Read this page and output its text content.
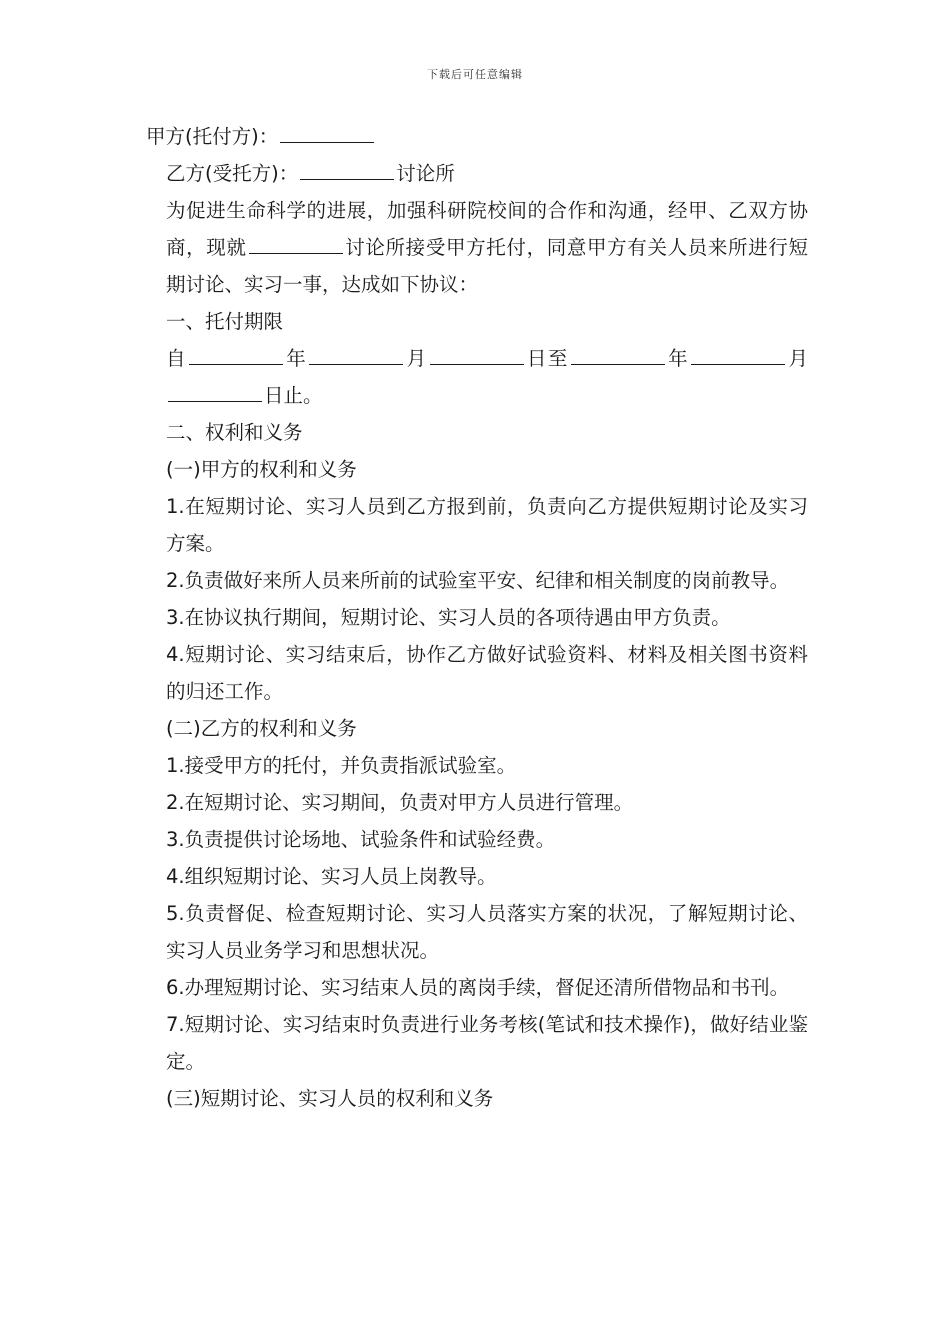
下载后可任意编辑
甲方(托付方)：
乙方(受托方)：	讨论所
为促进生命科学的进展，加强科研院校间的合作和沟通，经甲、乙双方协商，现就	讨论所接受甲方托付，同意甲方有关人员来所进行短期讨论、实习一事，达成如下协议：
一、托付期限
自	年	月	日至	年	月日止。
二、权利和义务
(一)甲方的权利和义务
1.在短期讨论、实习人员到乙方报到前，负责向乙方提供短期讨论及实习方案。
2.负责做好来所人员来所前的试验室平安、纪律和相关制度的岗前教导。
3.在协议执行期间，短期讨论、实习人员的各项待遇由甲方负责。
4.短期讨论、实习结束后，协作乙方做好试验资料、材料及相关图书资料的归还工作。
(二)乙方的权利和义务
1.接受甲方的托付，并负责指派试验室。
2.在短期讨论、实习期间，负责对甲方人员进行管理。
3.负责提供讨论场地、试验条件和试验经费。
4.组织短期讨论、实习人员上岗教导。
5.负责督促、检查短期讨论、实习人员落实方案的状况，了解短期讨论、实习人员业务学习和思想状况。
6.办理短期讨论、实习结束人员的离岗手续，督促还清所借物品和书刊。
7.短期讨论、实习结束时负责进行业务考核(笔试和技术操作)，做好结业鉴定。
(三)短期讨论、实习人员的权利和义务
